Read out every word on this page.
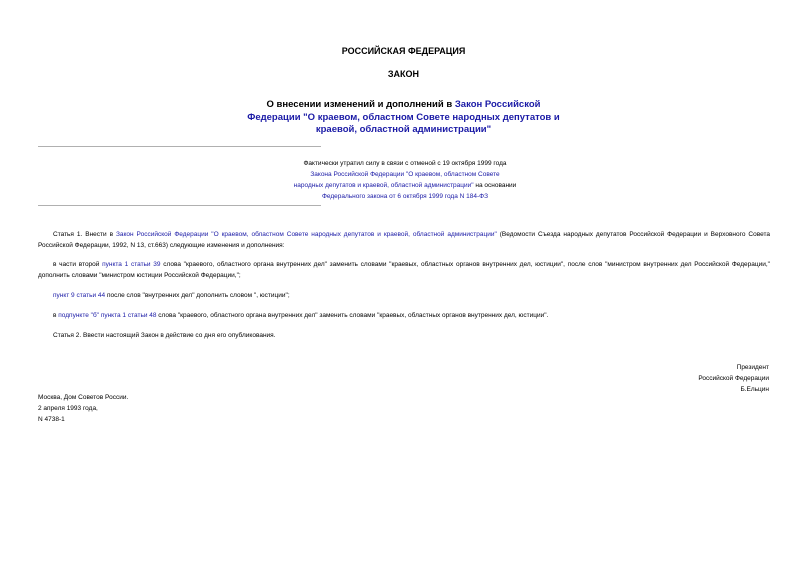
РОССИЙСКАЯ ФЕДЕРАЦИЯ
ЗАКОН
О внесении изменений и дополнений в Закон Российской
Федерации "О краевом, областном Совете народных депутатов и
краевой, областной администрации"
Фактически утратил силу в связи с отменой с 19 октября 1999 года
Закона Российской Федерации "О краевом, областном Совете
народных депутатов и краевой, областной администрации" на основании
Федерального закона от 6 октября 1999 года N 184-ФЗ
Статья 1. Внести в Закон Российской Федерации "О краевом, областном Совете народных депутатов и краевой, областной администрации" (Ведомости Съезда народных депутатов Российской Федерации и Верховного Совета Российской Федерации, 1992, N 13, ст.663) следующие изменения и дополнения:
в части второй пункта 1 статьи 39 слова "краевого, областного органа внутренних дел" заменить словами "краевых, областных органов внутренних дел, юстиции", после слов "министром внутренних дел Российской Федерации," дополнить словами "министром юстиции Российской Федерации,";
пункт 9 статьи 44 после слов "внутренних дел" дополнить словом ", юстиции";
в подпункте "б" пункта 1 статьи 48 слова "краевого, областного органа внутренних дел" заменить словами "краевых, областных органов внутренних дел, юстиции".
Статья 2. Ввести настоящий Закон в действие со дня его опубликования.
Президент
Российской Федерации
Б.Ельцин
Москва, Дом Советов России.
2 апреля 1993 года,
N 4738-1
